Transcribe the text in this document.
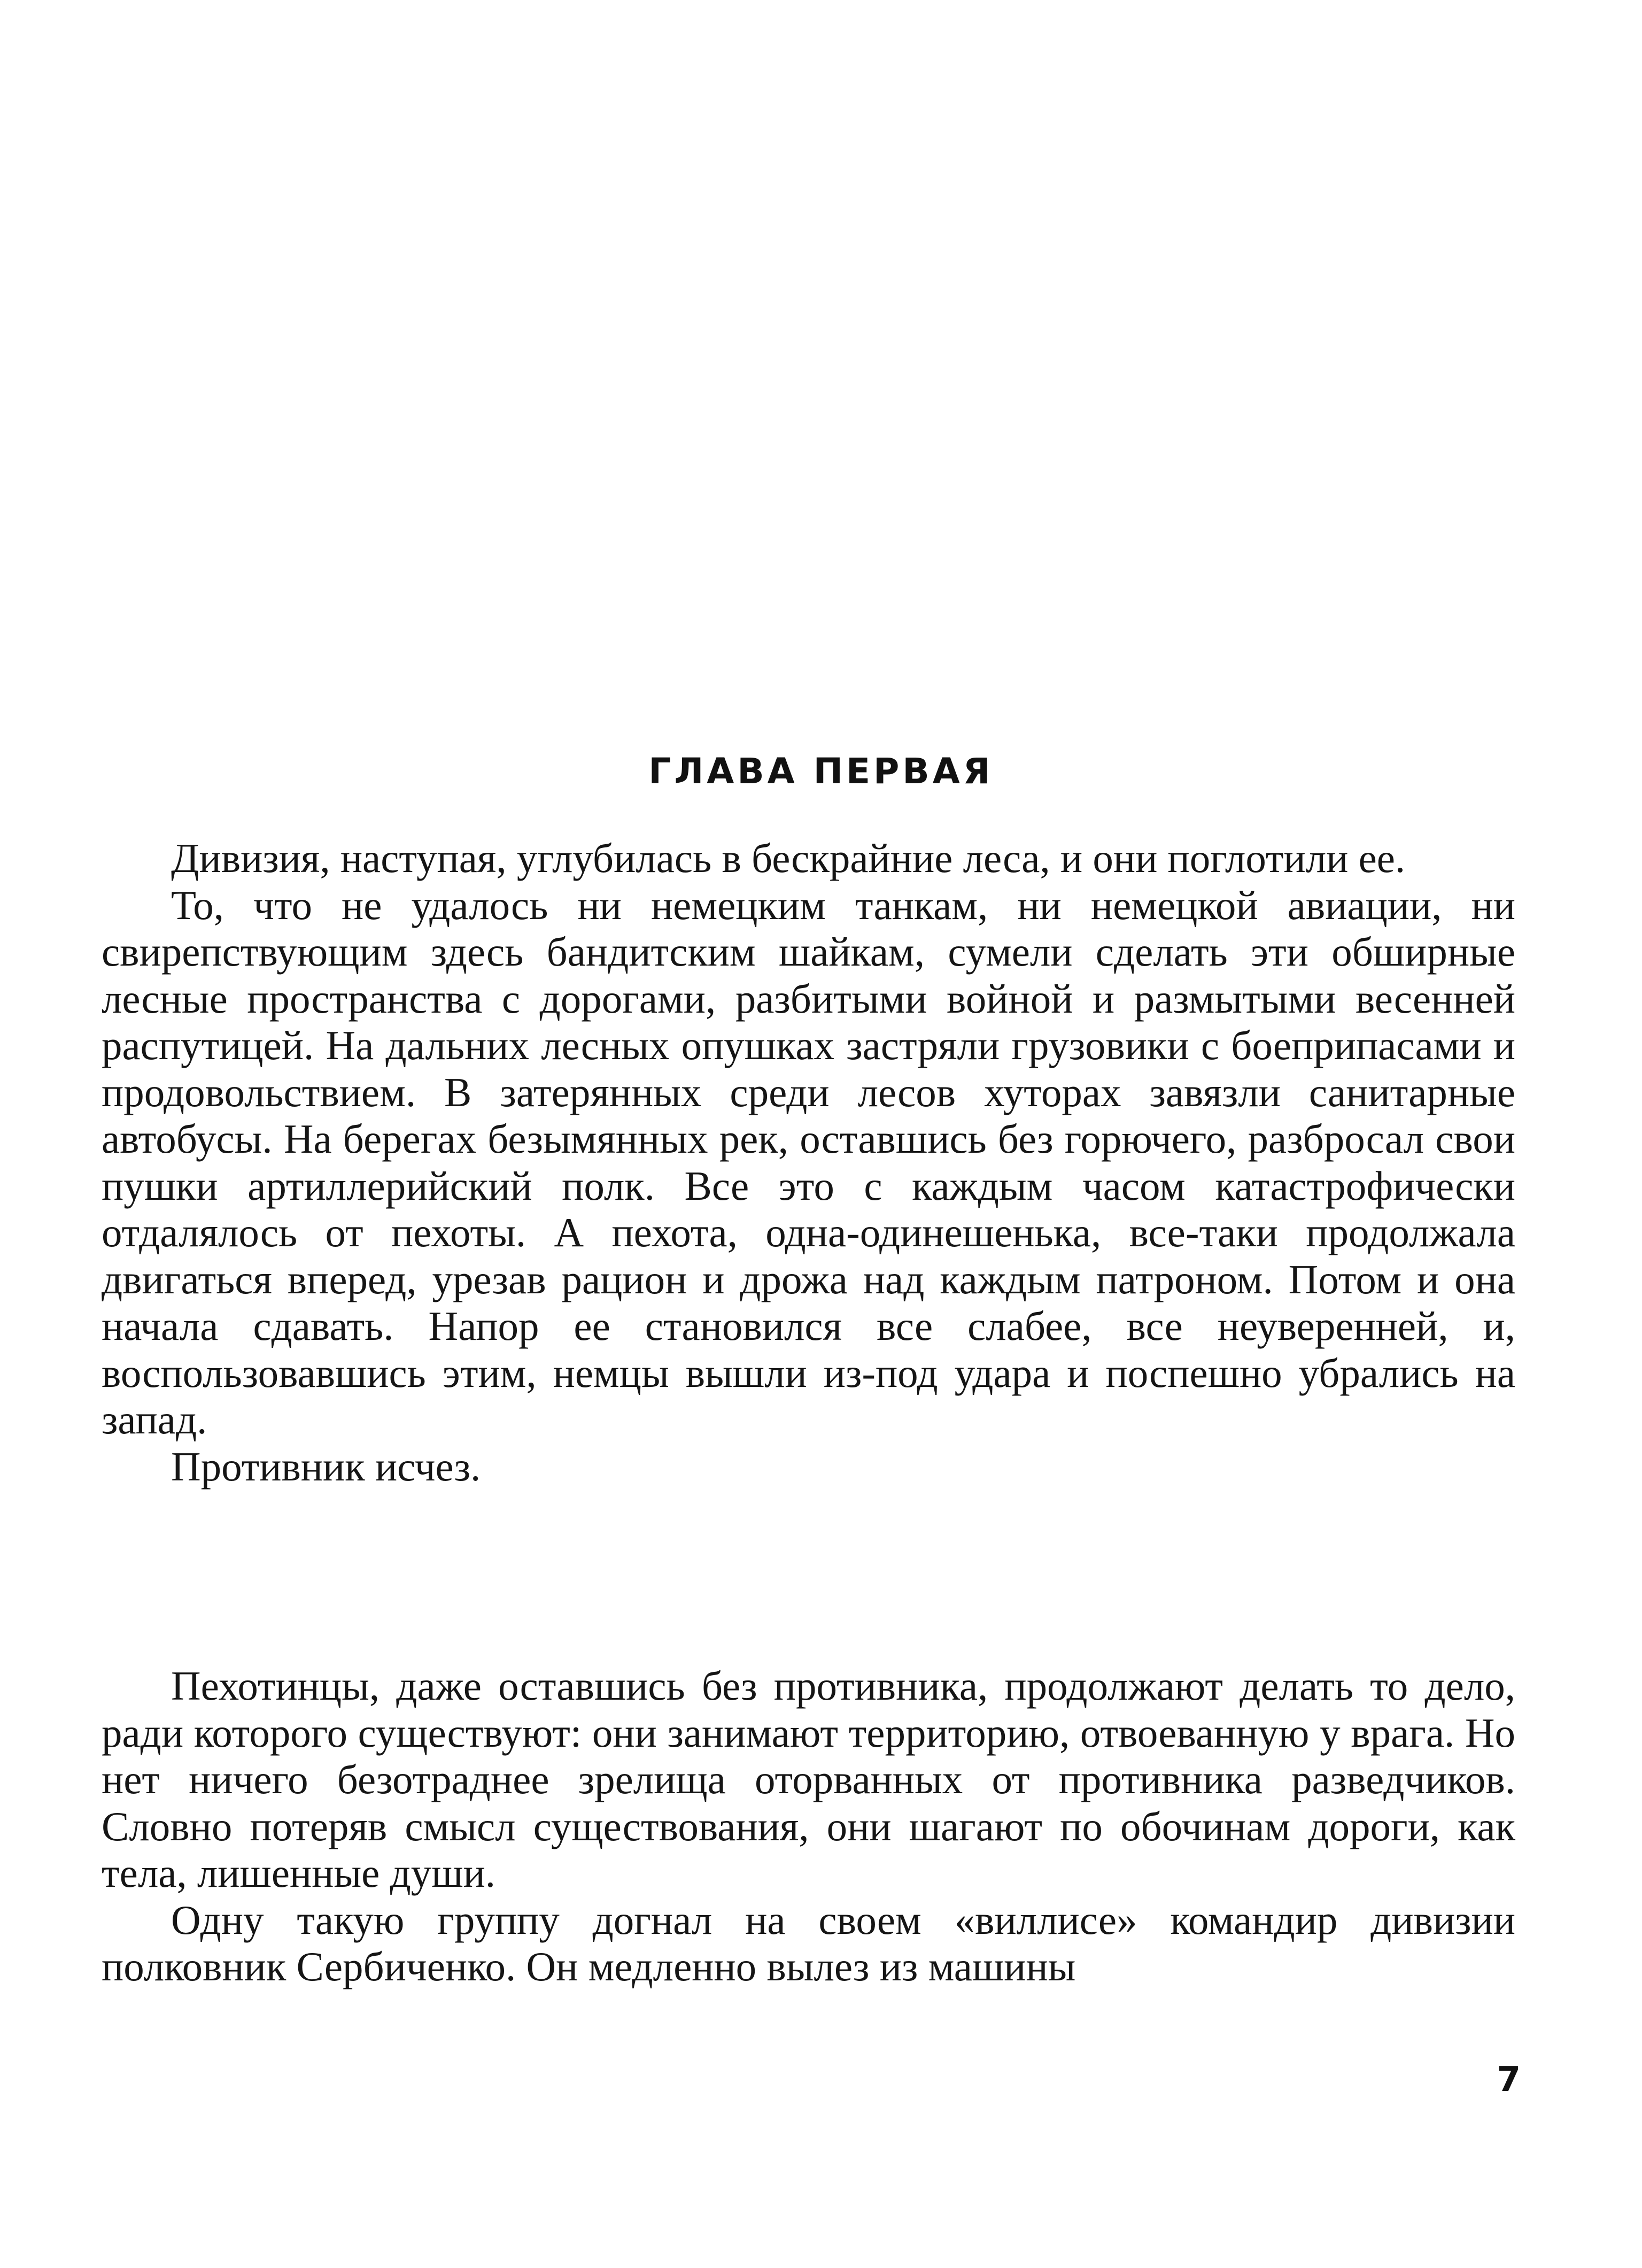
ГЛАВА ПЕРВАЯ

Дивизия, наступая, углубилась в бескрайние леса, и они поглотили ее.

То, что не удалось ни немецким танкам, ни немецкой авиации, ни свирепствующим здесь бандитским шайкам, сумели сделать эти обширные лесные пространства с дорогами, разбитыми войной и размытыми весенней распутицей. На дальних лесных опушках застряли грузовики с боеприпасами и продовольствием. В затерянных среди лесов хуторах завязли санитарные автобусы. На берегах безымянных рек, оставшись без горючего, разбросал свои пушки артиллерийский полк. Все это с каждым часом катастрофически отдалялось от пехоты. А пехота, одна-одинешенька, все-таки продолжала двигаться вперед, урезав рацион и дрожа над каждым патроном. Потом и она начала сдавать. Напор ее становился все слабее, все неуверенней, и, воспользовавшись этим, немцы вышли из-под удара и поспешно убрались на запад.

Противник исчез.

Пехотинцы, даже оставшись без противника, продолжают делать то дело, ради которого существуют: они занимают территорию, отвоеванную у врага. Но нет ничего безотраднее зрелища оторванных от противника разведчиков. Словно потеряв смысл существования, они шагают по обочинам дороги, как тела, лишенные души.

Одну такую группу догнал на своем «виллисе» командир дивизии полковник Сербиченко. Он медленно вылез из машины

7
